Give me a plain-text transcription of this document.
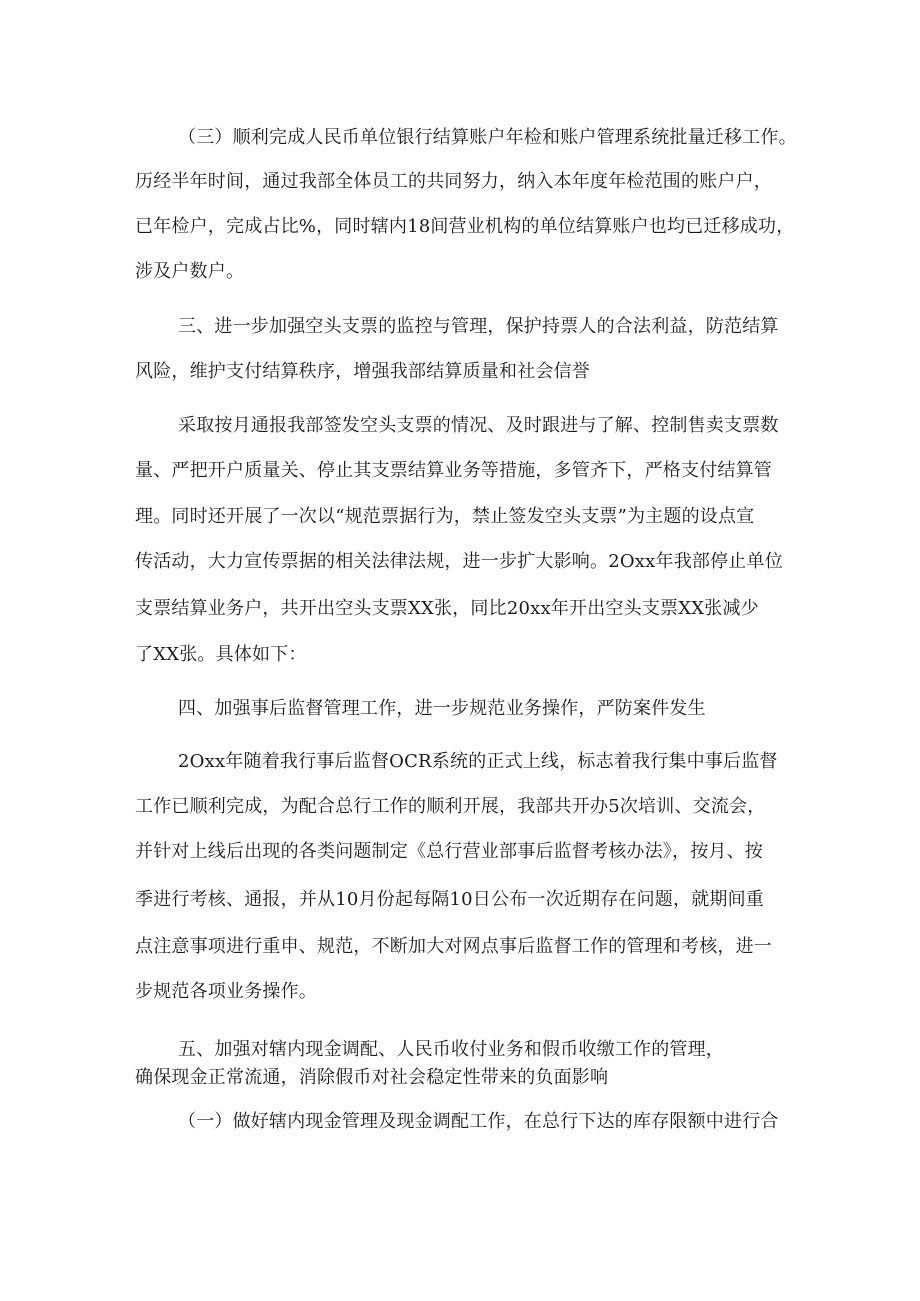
（三）顺利完成人民币单位银行结算账户年检和账户管理系统批量迁移工作。

历经半年时间，通过我部全体员工的共同努力，纳入本年度年检范围的账户户，

已年检户，完成占比%，同时辖内18间营业机构的单位结算账户也均已迁移成功，

涉及户数户。

三、进一步加强空头支票的监控与管理，保护持票人的合法利益，防范结算

风险，维护支付结算秩序，增强我部结算质量和社会信誉

采取按月通报我部签发空头支票的情况、及时跟进与了解、控制售卖支票数

量、严把开户质量关、停止其支票结算业务等措施，多管齐下，严格支付结算管

理。同时还开展了一次以“规范票据行为，禁止签发空头支票”为主题的设点宣

传活动，大力宣传票据的相关法律法规，进一步扩大影响。2Oxx年我部停止单位

支票结算业务户，共开出空头支票XX张，同比20xx年开出空头支票XX张减少

了XX张。具体如下：

四、加强事后监督管理工作，进一步规范业务操作，严防案件发生

2Oxx年随着我行事后监督OCR系统的正式上线，标志着我行集中事后监督

工作已顺利完成，为配合总行工作的顺利开展，我部共开办5次培训、交流会，

并针对上线后出现的各类问题制定《总行营业部事后监督考核办法》，按月、按

季进行考核、通报，并从10月份起每隔10日公布一次近期存在问题，就期间重

点注意事项进行重申、规范，不断加大对网点事后监督工作的管理和考核，进一

步规范各项业务操作。

五、加强对辖内现金调配、人民币收付业务和假币收缴工作的管理，

确保现金正常流通，消除假币对社会稳定性带来的负面影响

（一）做好辖内现金管理及现金调配工作，在总行下达的库存限额中进行合
